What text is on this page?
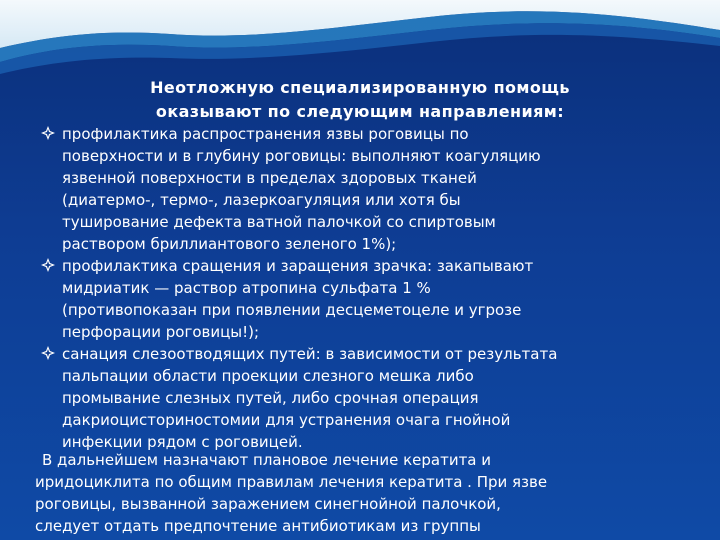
Неотложную специализированную помощь
оказывают по следующим направлениям:
профилактика распространения язвы роговицы по
поверхности и в глубину роговицы: выполняют коагуляцию
язвенной поверхности в пределах здоровых тканей
(диатермо-, термо-, лазеркоагуляция или хотя бы
туширование дефекта ватной палочкой со спиртовым
раствором бриллиантового зеленого 1%);
профилактика сращения и заращения зрачка: закапывают
мидриатик — раствор атропина сульфата 1 %
(противопоказан при появлении десцеметоцеле и угрозе
перфорации роговицы!);
санация слезоотводящих путей: в зависимости от результата
пальпации области проекции слезного мешка либо
промывание слезных путей, либо срочная операция
дакриоцисториностомии для устранения очага гнойной
инфекции рядом с роговицей.
В дальнейшем назначают плановое лечение кератита и
иридоциклита по общим правилам лечения кератита . При язве
роговицы, вызванной заражением синегнойной палочкой,
следует отдать предпочтение антибиотикам из группы
